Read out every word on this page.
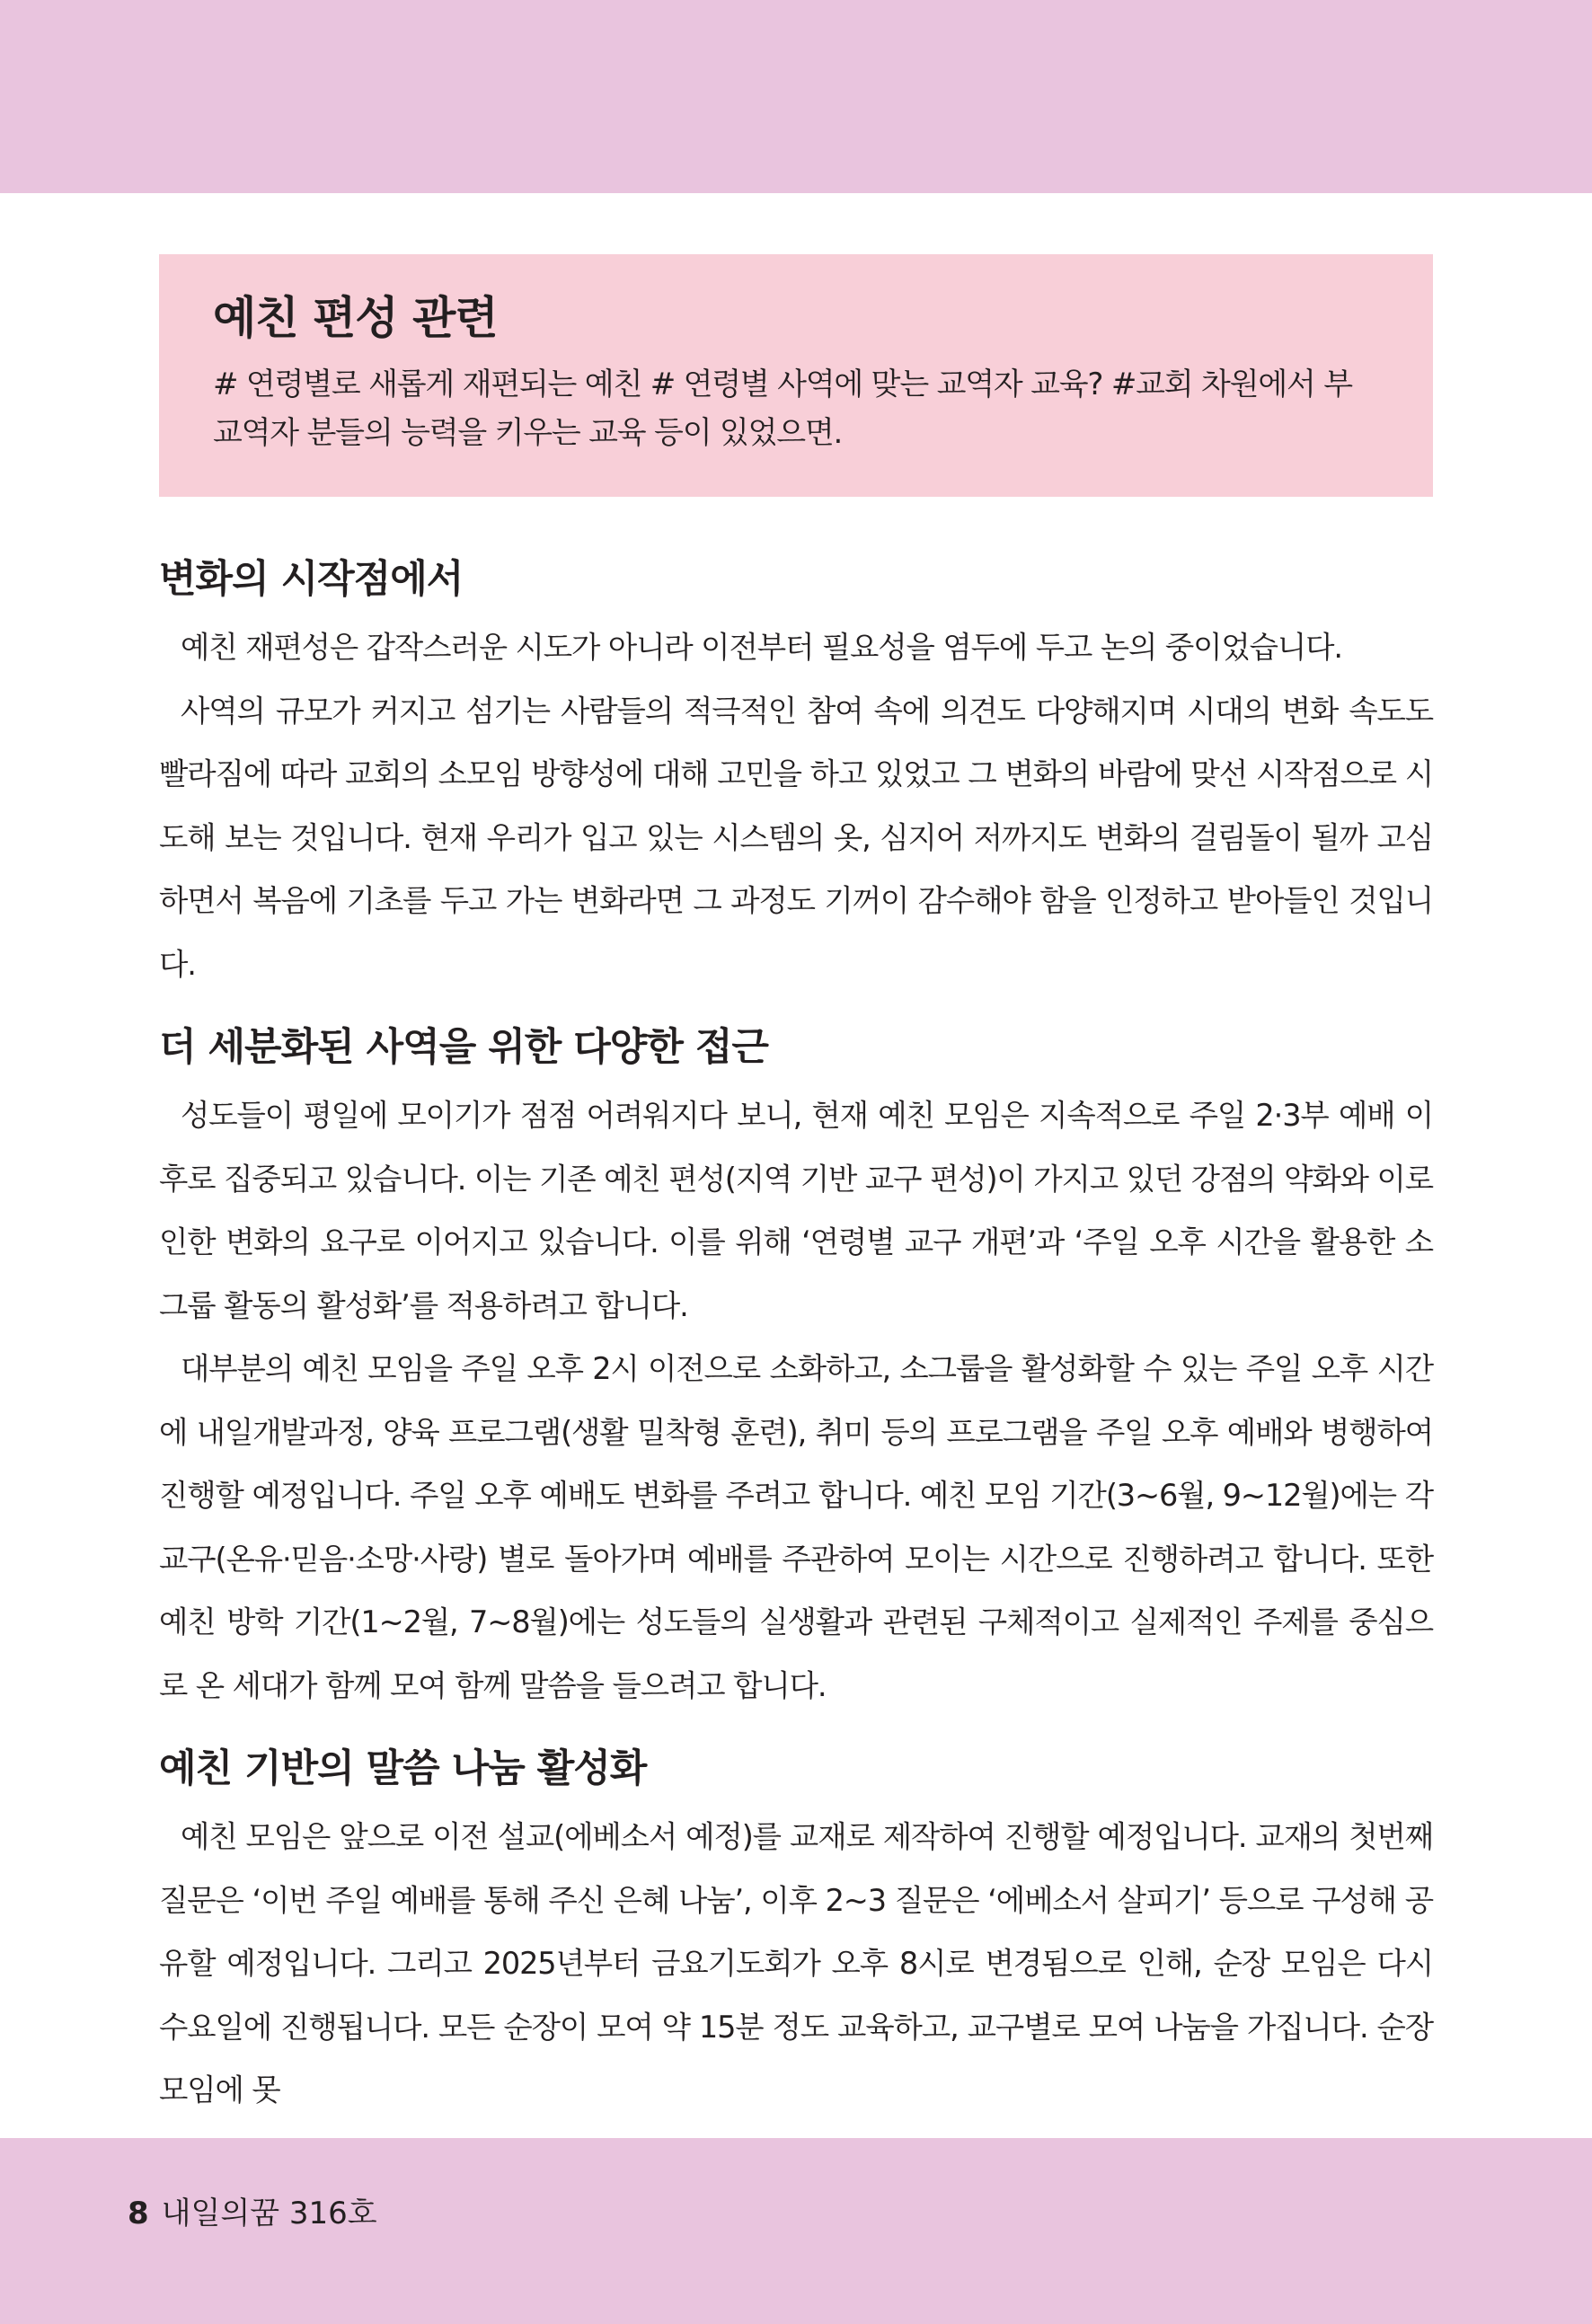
예친 편성 관련

# 연령별로 새롭게 재편되는 예친 # 연령별 사역에 맞는 교역자 교육? #교회 차원에서 부교역자 분들의 능력을 키우는 교육 등이 있었으면.

변화의 시작점에서

예친 재편성은 갑작스러운 시도가 아니라 이전부터 필요성을 염두에 두고 논의 중이었습니다.

사역의 규모가 커지고 섬기는 사람들의 적극적인 참여 속에 의견도 다양해지며 시대의 변화 속도도 빨라짐에 따라 교회의 소모임 방향성에 대해 고민을 하고 있었고 그 변화의 바람에 맞선 시작점으로 시도해 보는 것입니다. 현재 우리가 입고 있는 시스템의 옷, 심지어 저까지도 변화의 걸림돌이 될까 고심하면서 복음에 기초를 두고 가는 변화라면 그 과정도 기꺼이 감수해야 함을 인정하고 받아들인 것입니다.

더 세분화된 사역을 위한 다양한 접근

성도들이 평일에 모이기가 점점 어려워지다 보니, 현재 예친 모임은 지속적으로 주일 2·3부 예배 이후로 집중되고 있습니다. 이는 기존 예친 편성(지역 기반 교구 편성)이 가지고 있던 강점의 약화와 이로 인한 변화의 요구로 이어지고 있습니다. 이를 위해 ‘연령별 교구 개편’과 ‘주일 오후 시간을 활용한 소그룹 활동의 활성화’를 적용하려고 합니다.

대부분의 예친 모임을 주일 오후 2시 이전으로 소화하고, 소그룹을 활성화할 수 있는 주일 오후 시간에 내일개발과정, 양육 프로그램(생활 밀착형 훈련), 취미 등의 프로그램을 주일 오후 예배와 병행하여 진행할 예정입니다. 주일 오후 예배도 변화를 주려고 합니다. 예친 모임 기간(3~6월, 9~12월)에는 각 교구(온유·믿음·소망·사랑) 별로 돌아가며 예배를 주관하여 모이는 시간으로 진행하려고 합니다. 또한 예친 방학 기간(1~2월, 7~8월)에는 성도들의 실생활과 관련된 구체적이고 실제적인 주제를 중심으로 온 세대가 함께 모여 함께 말씀을 들으려고 합니다.

예친 기반의 말씀 나눔 활성화

예친 모임은 앞으로 이전 설교(에베소서 예정)를 교재로 제작하여 진행할 예정입니다. 교재의 첫번째 질문은 ‘이번 주일 예배를 통해 주신 은혜 나눔’, 이후 2~3 질문은 ‘에베소서 살피기’ 등으로 구성해 공유할 예정입니다. 그리고 2025년부터 금요기도회가 오후 8시로 변경됨으로 인해, 순장 모임은 다시 수요일에 진행됩니다. 모든 순장이 모여 약 15분 정도 교육하고, 교구별로 모여 나눔을 가집니다. 순장 모임에 못

8 내일의꿈 316호
